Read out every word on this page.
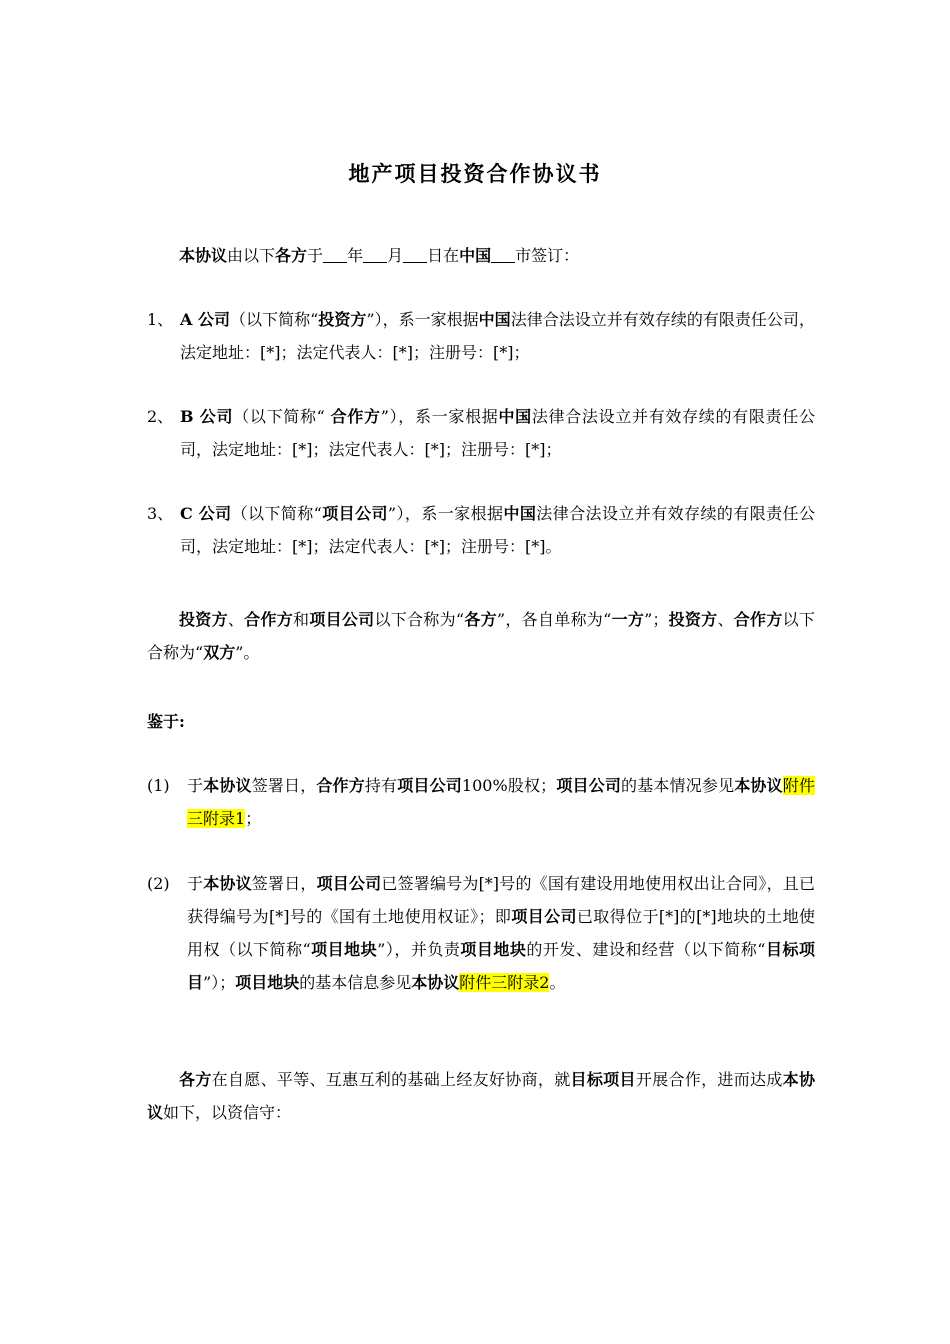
地产项目投资合作协议书
本协议由以下各方于 年 月 日在中国 市签订：
1、 A 公司（以下简称“投资方”），系一家根据中国法律合法设立并有效存续的有限责任公司，法定地址：[*]；法定代表人：[*]；注册号：[*]；
2、 B 公司（以下简称“ 合作方”），系一家根据中国法律合法设立并有效存续的有限责任公司，法定地址：[*]；法定代表人：[*]；注册号：[*]；
3、 C 公司（以下简称“项目公司”），系一家根据中国法律合法设立并有效存续的有限责任公司，法定地址：[*]；法定代表人：[*]；注册号：[*]。
投资方、合作方和项目公司以下合称为“各方”，各自单称为“一方”；投资方、合作方以下合称为“双方”。
鉴于:
(1) 于本协议签署日，合作方持有项目公司100%股权；项目公司的基本情况参见本协议附件三附录1；
(2) 于本协议签署日，项目公司已签署编号为[*]号的《国有建设用地使用权出让合同》，且已获得编号为[*]号的《国有土地使用权证》；即项目公司已取得位于[*]的[*]地块的土地使用权（以下简称“项目地块”），并负责项目地块的开发、建设和经营（以下简称“目标项目”）；项目地块的基本信息参见本协议附件三附录2。
各方在自愿、平等、互惠互利的基础上经友好协商，就目标项目开展合作，进而达成本协议如下，以资信守：
